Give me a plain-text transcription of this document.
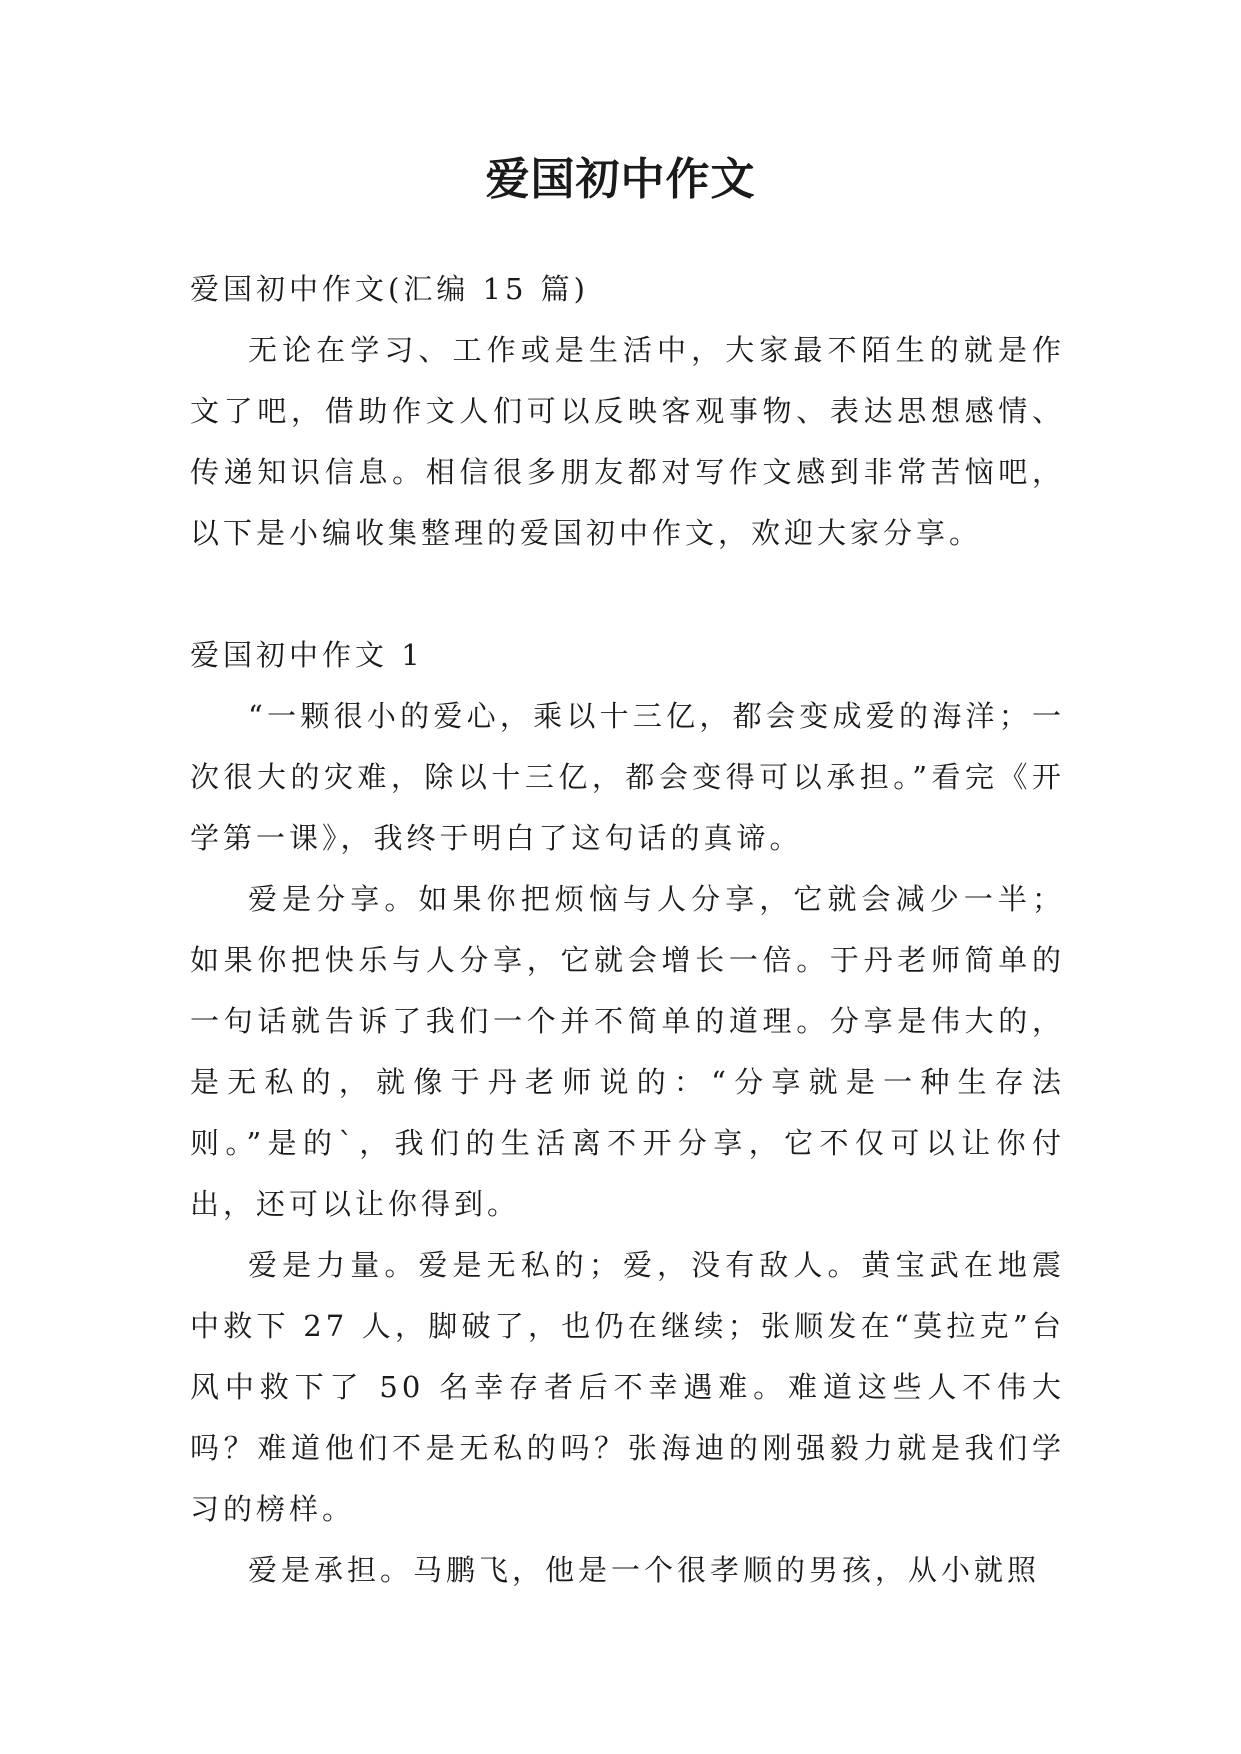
爱国初中作文

爱国初中作文(汇编 15 篇)

无论在学习、工作或是生活中，大家最不陌生的就是作文了吧，借助作文人们可以反映客观事物、表达思想感情、传递知识信息。相信很多朋友都对写作文感到非常苦恼吧，以下是小编收集整理的爱国初中作文，欢迎大家分享。

爱国初中作文 1

“一颗很小的爱心，乘以十三亿，都会变成爱的海洋；一次很大的灾难，除以十三亿，都会变得可以承担。”看完《开学第一课》，我终于明白了这句话的真谛。

爱是分享。如果你把烦恼与人分享，它就会减少一半；如果你把快乐与人分享，它就会增长一倍。于丹老师简单的一句话就告诉了我们一个并不简单的道理。分享是伟大的，是无私的，就像于丹老师说的：“分享就是一种生存法则。”是的`，我们的生活离不开分享，它不仅可以让你付出，还可以让你得到。

爱是力量。爱是无私的；爱，没有敌人。黄宝武在地震中救下 27 人，脚破了，也仍在继续；张顺发在“莫拉克”台风中救下了 50 名幸存者后不幸遇难。难道这些人不伟大吗？难道他们不是无私的吗？张海迪的刚强毅力就是我们学习的榜样。

爱是承担。马鹏飞，他是一个很孝顺的男孩，从小就照
